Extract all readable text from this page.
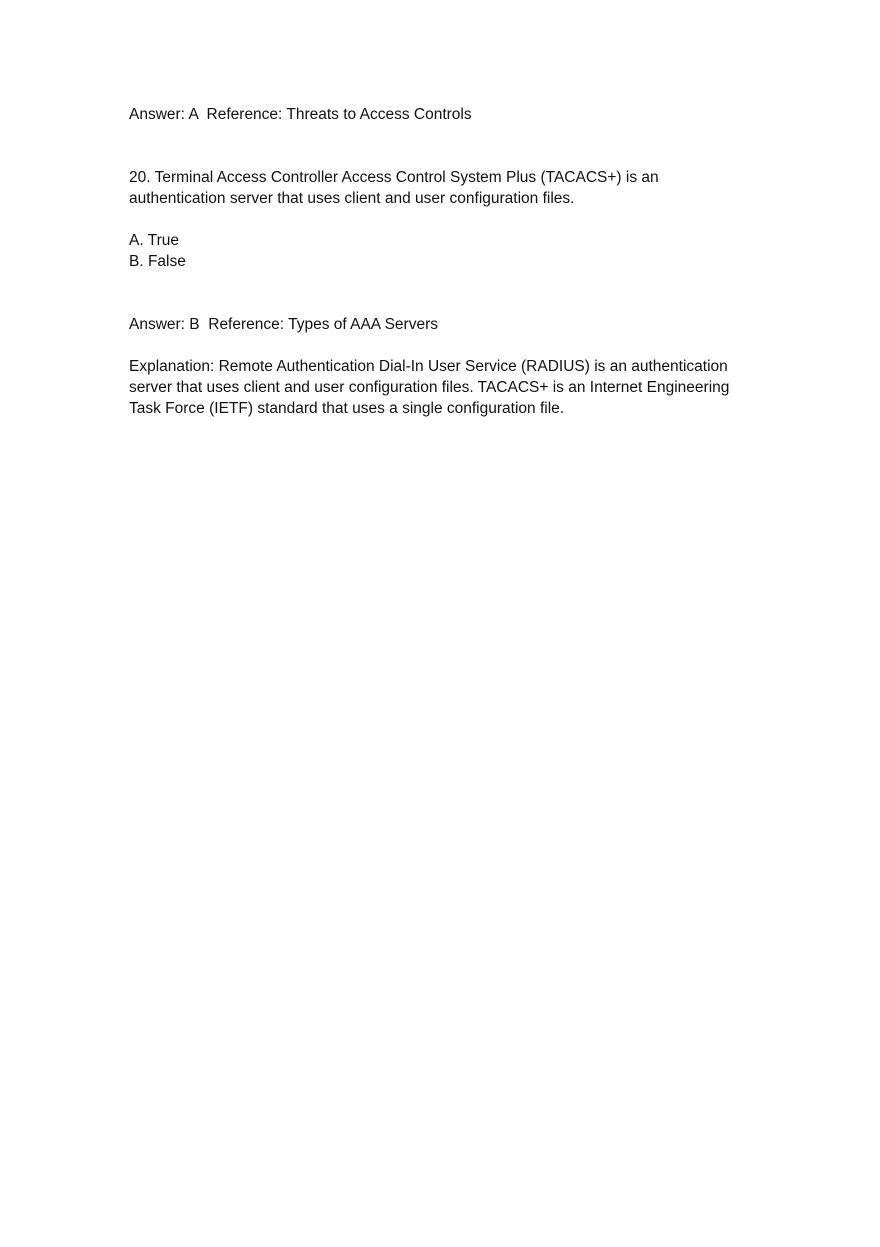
Answer: A  Reference: Threats to Access Controls
20. Terminal Access Controller Access Control System Plus (TACACS+) is an
authentication server that uses client and user configuration files.
A. True
B. False
Answer: B  Reference: Types of AAA Servers
Explanation: Remote Authentication Dial-In User Service (RADIUS) is an authentication
server that uses client and user configuration files. TACACS+ is an Internet Engineering
Task Force (IETF) standard that uses a single configuration file.
